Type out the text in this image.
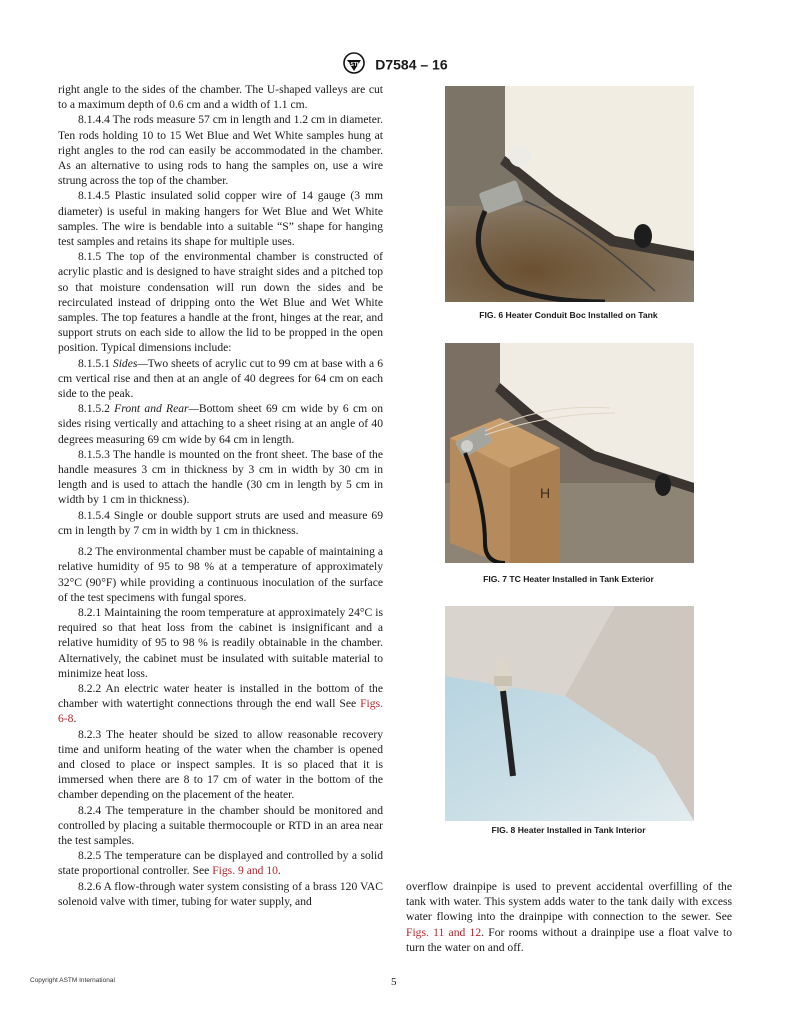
ASTM D7584 – 16

right angle to the sides of the chamber. The U-shaped valleys are cut to a maximum depth of 0.6 cm and a width of 1.1 cm.

8.1.4.4 The rods measure 57 cm in length and 1.2 cm in diameter. Ten rods holding 10 to 15 Wet Blue and Wet White samples hung at right angles to the rod can easily be accommodated in the chamber. As an alternative to using rods to hang the samples on, use a wire strung across the top of the chamber.

8.1.4.5 Plastic insulated solid copper wire of 14 gauge (3 mm diameter) is useful in making hangers for Wet Blue and Wet White samples. The wire is bendable into a suitable “S” shape for hanging test samples and retains its shape for multiple uses.

8.1.5 The top of the environmental chamber is constructed of acrylic plastic and is designed to have straight sides and a pitched top so that moisture condensation will run down the sides and be recirculated instead of dripping onto the Wet Blue and Wet White samples. The top features a handle at the front, hinges at the rear, and support struts on each side to allow the lid to be propped in the open position. Typical dimensions include:

8.1.5.1 Sides—Two sheets of acrylic cut to 99 cm at base with a 6 cm vertical rise and then at an angle of 40 degrees for 64 cm on each side to the peak.

8.1.5.2 Front and Rear—Bottom sheet 69 cm wide by 6 cm on sides rising vertically and attaching to a sheet rising at an angle of 40 degrees measuring 69 cm wide by 64 cm in length.

8.1.5.3 The handle is mounted on the front sheet. The base of the handle measures 3 cm in thickness by 3 cm in width by 30 cm in length and is used to attach the handle (30 cm in length by 5 cm in width by 1 cm in thickness).

8.1.5.4 Single or double support struts are used and measure 69 cm in length by 7 cm in width by 1 cm in thickness.

8.2 The environmental chamber must be capable of maintaining a relative humidity of 95 to 98 % at a temperature of approximately 32°C (90°F) while providing a continuous inoculation of the surface of the test specimens with fungal spores.

8.2.1 Maintaining the room temperature at approximately 24°C is required so that heat loss from the cabinet is insignificant and a relative humidity of 95 to 98 % is readily obtainable in the chamber. Alternatively, the cabinet must be insulated with suitable material to minimize heat loss.

8.2.2 An electric water heater is installed in the bottom of the chamber with watertight connections through the end wall See Figs. 6-8.

8.2.3 The heater should be sized to allow reasonable recovery time and uniform heating of the water when the chamber is opened and closed to place or inspect samples. It is so placed that it is immersed when there are 8 to 17 cm of water in the bottom of the chamber depending on the placement of the heater.

8.2.4 The temperature in the chamber should be monitored and controlled by placing a suitable thermocouple or RTD in an area near the test samples.

8.2.5 The temperature can be displayed and controlled by a solid state proportional controller. See Figs. 9 and 10.

8.2.6 A flow-through water system consisting of a brass 120 VAC solenoid valve with timer, tubing for water supply, and

FIG. 6 Heater Conduit Boc Installed on Tank
H
FIG. 7 TC Heater Installed in Tank Exterior
FIG. 8 Heater Installed in Tank Interior

overflow drainpipe is used to prevent accidental overfilling of the tank with water. This system adds water to the tank daily with excess water flowing into the drainpipe with connection to the sewer. See Figs. 11 and 12. For rooms without a drainpipe use a float valve to turn the water on and off.

Copyright ASTM International	5
